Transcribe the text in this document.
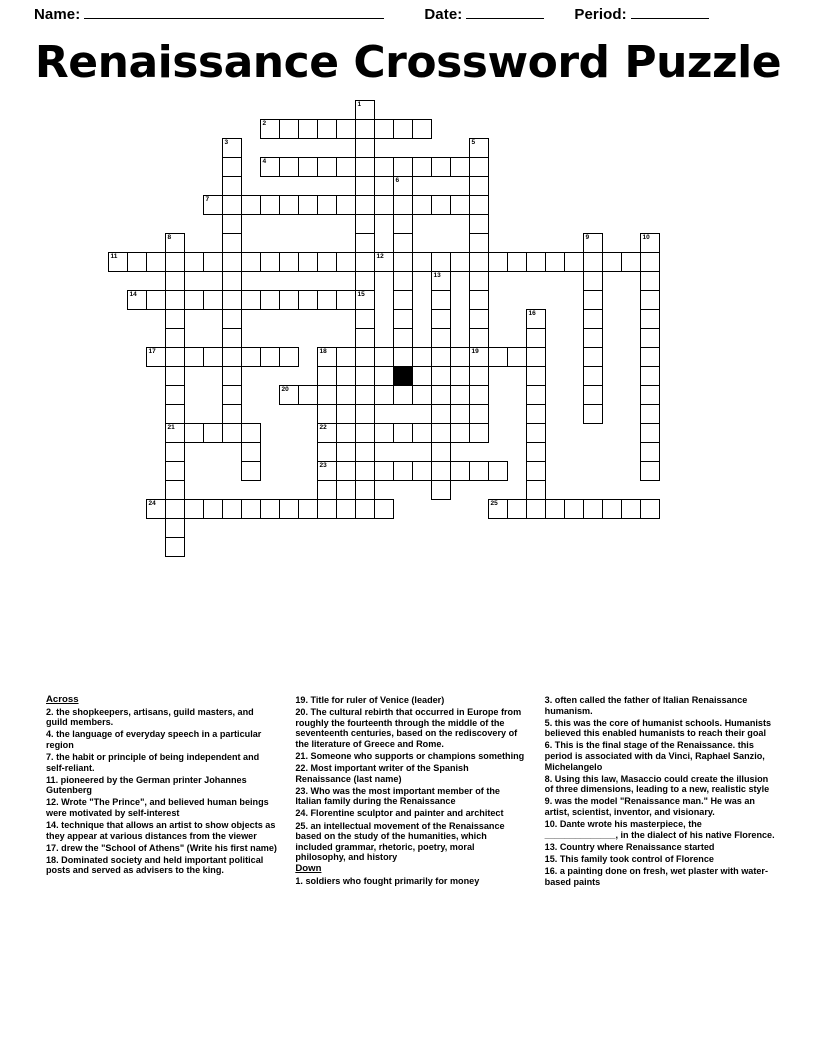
Name:	Date:	Period:
Renaissance Crossword Puzzle
1
2
3	5
4
6
7
8	9	10
11	12
13
14	15
16
17	18	19
20
21	22
23
24	25
Across
2. the shopkeepers, artisans, guild masters, and guild members.
4. the language of everyday speech in a particular region
7. the habit or principle of being independent and self-reliant.
11. pioneered by the German printer Johannes Gutenberg
12. Wrote "The Prince", and believed human beings were motivated by self-interest
14. technique that allows an artist to show objects as they appear at various distances from the viewer
17. drew the "School of Athens" (Write his first name)
18. Dominated society and held important political posts and served as advisers to the king.
19. Title for ruler of Venice (leader)
20. The cultural rebirth that occurred in Europe from roughly the fourteenth through the middle of the seventeenth centuries, based on the rediscovery of the literature of Greece and Rome.
21. Someone who supports or champions something
22. Most important writer of the Spanish Renaissance (last name)
23. Who was the most important member of the Italian family during the Renaissance
24. Florentine sculptor and painter and architect
25. an intellectual movement of the Renaissance based on the study of the humanities, which included grammar, rhetoric, poetry, moral philosophy, and history
Down
1. soldiers who fought primarily for money
3. often called the father of Italian Renaissance humanism.
5. this was the core of humanist schools. Humanists believed this enabled humanists to reach their goal
6. This is the final stage of the Renaissance. this period is associated with da Vinci, Raphael Sanzio, Michelangelo
8. Using this law, Masaccio could create the illusion of three dimensions, leading to a new, realistic style
9. was the model "Renaissance man." He was an artist, scientist, inventor, and visionary.
10. Dante wrote his masterpiece, the ______________, in the dialect of his native Florence.
13. Country where Renaissance started
15. This family took control of Florence
16. a painting done on fresh, wet plaster with water-based paints
